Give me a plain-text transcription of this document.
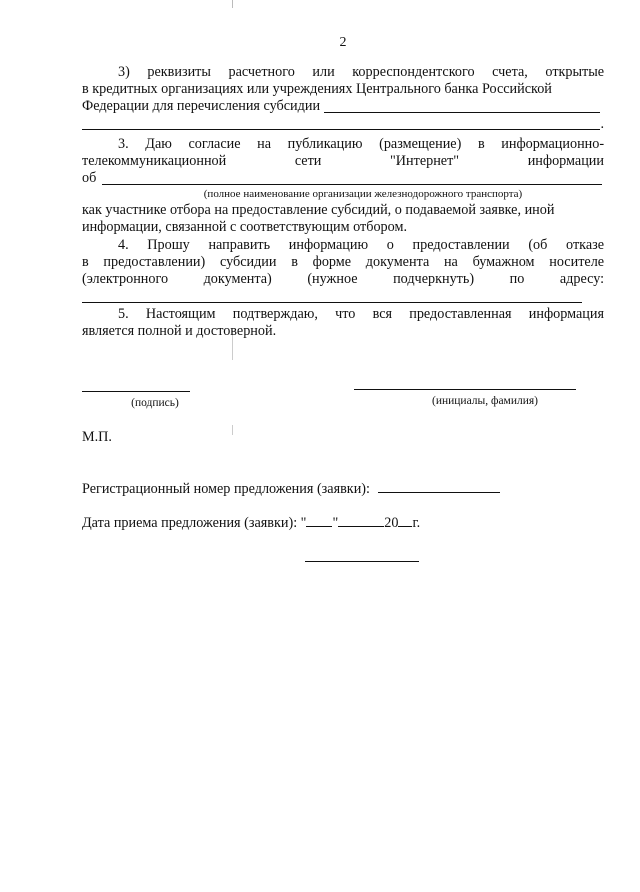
2
3) реквизиты расчетного или корреспондентского счета, открытые
в кредитных организациях или учреждениях Центрального банка Российской
Федерации для перечисления субсидии
.
3. Даю согласие на публикацию (размещение) в информационно-
телекоммуникационной	сети	"Интернет"	информации
об
(полное наименование организации железнодорожного транспорта)
как участнике отбора на предоставление субсидий, о подаваемой заявке, иной
информации, связанной с соответствующим отбором.
4. Прошу направить информацию о предоставлении (об отказе
в предоставлении) субсидии в форме документа на бумажном носителе
(электронного	документа)	(нужное	подчеркнуть)	по	адресу:
5. Настоящим подтверждаю, что вся предоставленная информация
является полной и достоверной.
(подпись)	(инициалы, фамилия)
М.П.
Регистрационный номер предложения (заявки):
Дата приема предложения (заявки): " "	20 г.
